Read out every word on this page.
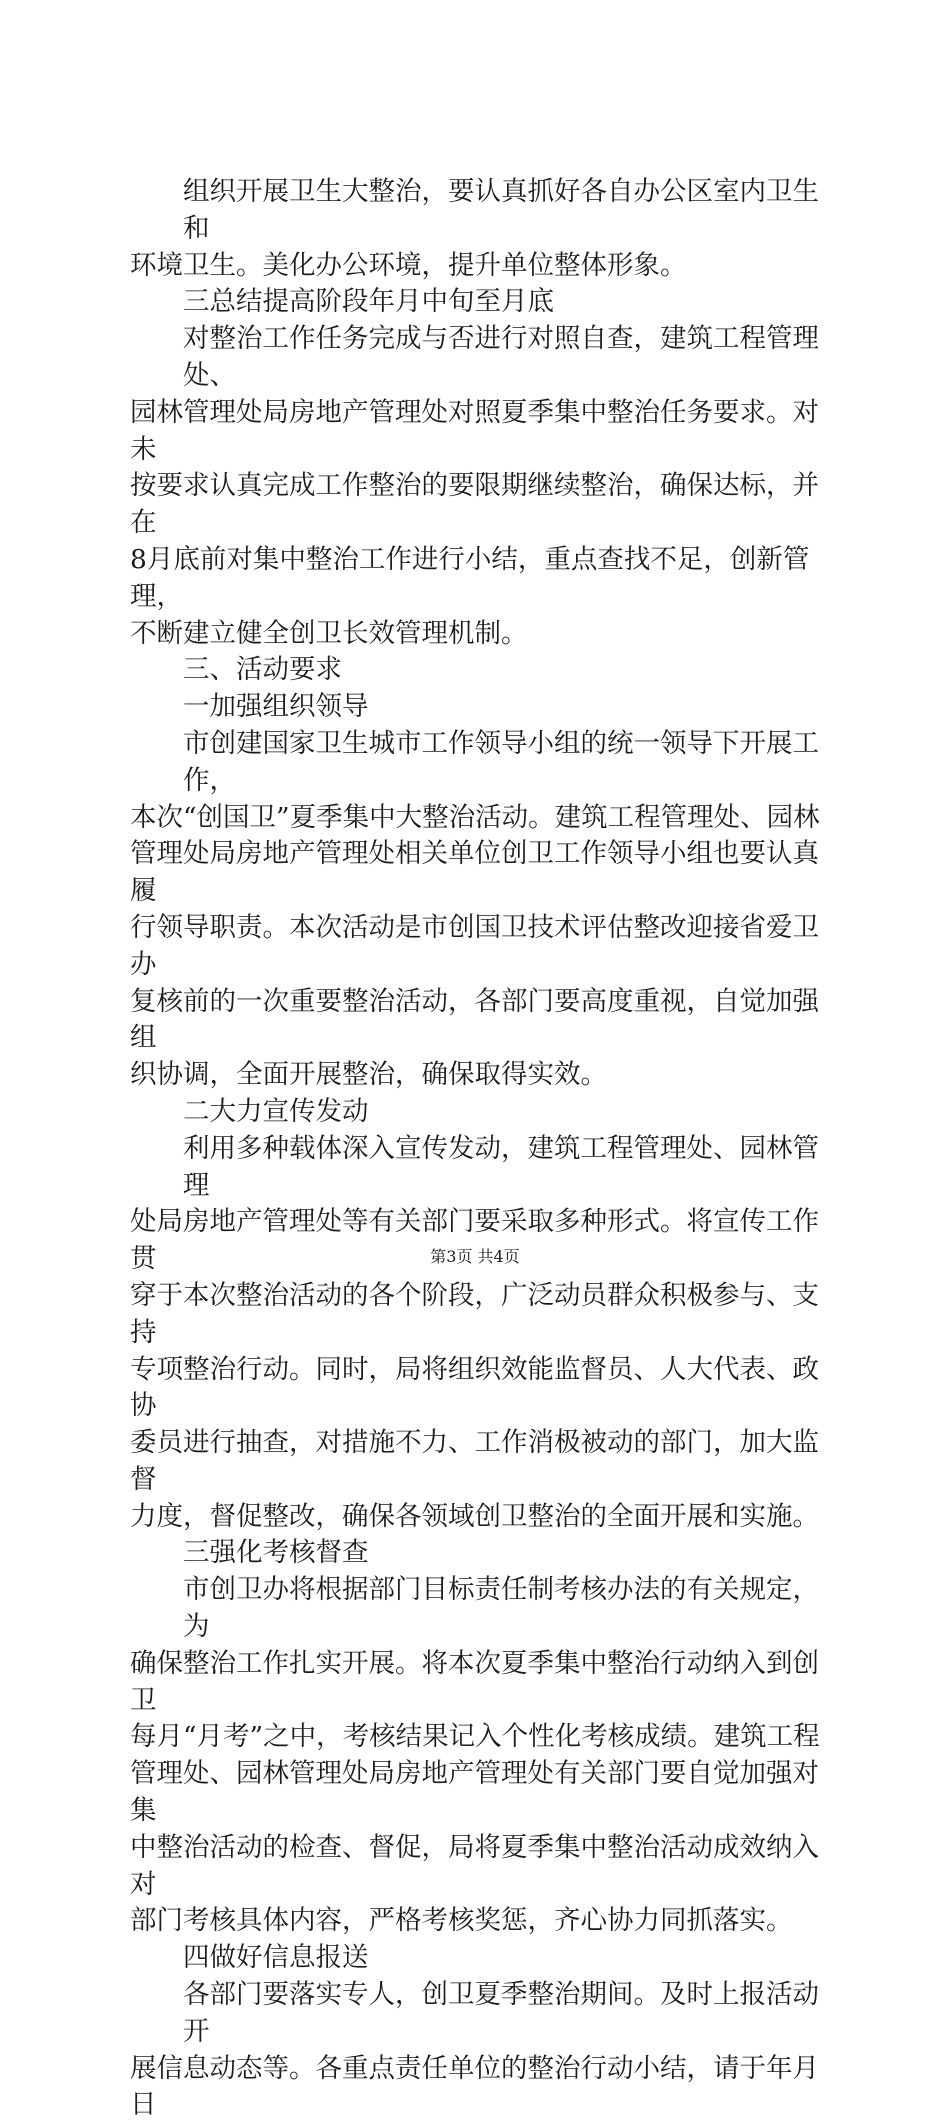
组织开展卫生大整治，要认真抓好各自办公区室内卫生和
环境卫生。美化办公环境，提升单位整体形象。
三总结提高阶段年月中旬至月底
对整治工作任务完成与否进行对照自查，建筑工程管理处、
园林管理处局房地产管理处对照夏季集中整治任务要求。对未
按要求认真完成工作整治的要限期继续整治，确保达标，并在
8月底前对集中整治工作进行小结，重点查找不足，创新管理，
不断建立健全创卫长效管理机制。
三、活动要求
一加强组织领导
市创建国家卫生城市工作领导小组的统一领导下开展工作，
本次“创国卫”夏季集中大整治活动。建筑工程管理处、园林
管理处局房地产管理处相关单位创卫工作领导小组也要认真履
行领导职责。本次活动是市创国卫技术评估整改迎接省爱卫办
复核前的一次重要整治活动，各部门要高度重视，自觉加强组
织协调，全面开展整治，确保取得实效。
二大力宣传发动
利用多种载体深入宣传发动，建筑工程管理处、园林管理
处局房地产管理处等有关部门要采取多种形式。将宣传工作贯
穿于本次整治活动的各个阶段，广泛动员群众积极参与、支持
专项整治行动。同时，局将组织效能监督员、人大代表、政协
委员进行抽查，对措施不力、工作消极被动的部门，加大监督
力度，督促整改，确保各领域创卫整治的全面开展和实施。
三强化考核督查
市创卫办将根据部门目标责任制考核办法的有关规定，为
确保整治工作扎实开展。将本次夏季集中整治行动纳入到创卫
每月“月考”之中，考核结果记入个性化考核成绩。建筑工程
管理处、园林管理处局房地产管理处有关部门要自觉加强对集
中整治活动的检查、督促，局将夏季集中整治活动成效纳入对
部门考核具体内容，严格考核奖惩，齐心协力同抓落实。
四做好信息报送
各部门要落实专人，创卫夏季整治期间。及时上报活动开
展信息动态等。各重点责任单位的整治行动小结，请于年月日
第3页 共4页
